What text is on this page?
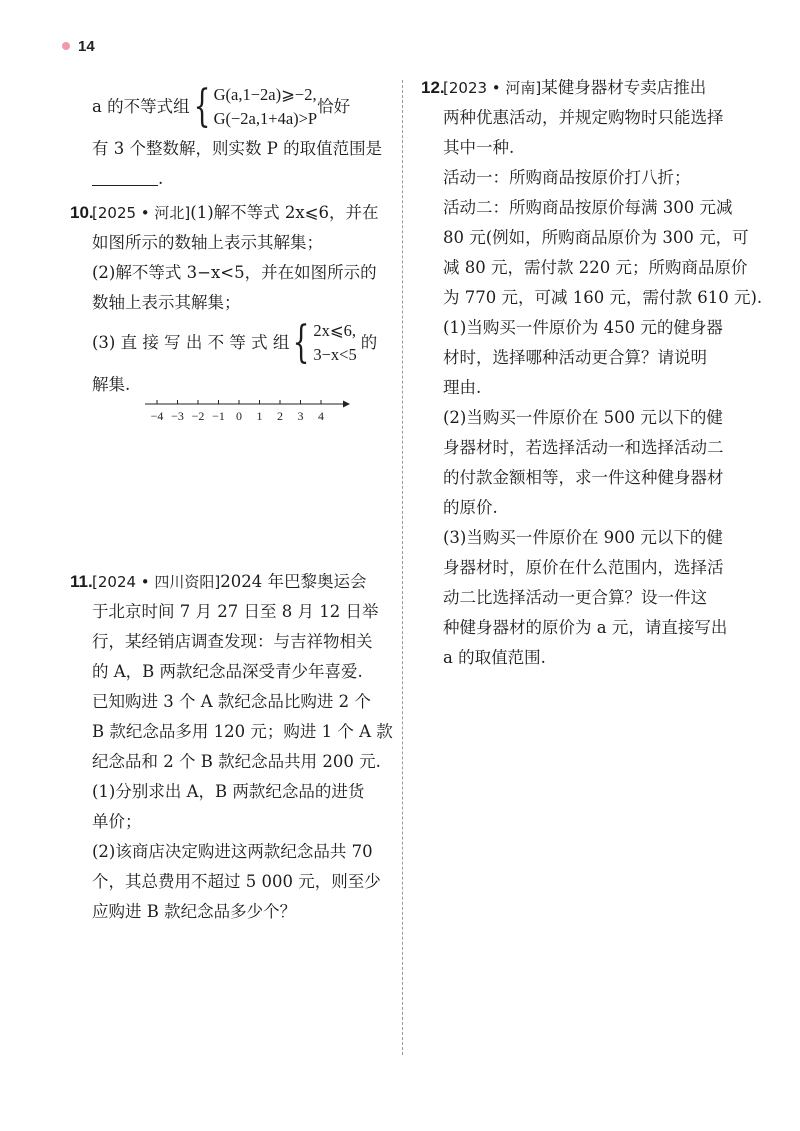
14
a 的不等式组 { G(a,1−2a)⩾−2,
G(−2a,1+4a)>P
恰好
有 3 个整数解，则实数 P 的取值范围是
.
10.
[2025 • 河北](1)解不等式 2x⩽6，并在
如图所示的数轴上表示其解集；
(2)解不等式 3−x<5，并在如图所示的
数轴上表示其解集；
(3) 直 接 写 出 不 等 式 组 { 2x⩽6,
3−x<5
的
解集.
−4 −3 −2 −1 0 1 2 3 4
11. [2024 • 四川资阳]2024 年巴黎奥运会
于北京时间 7 月 27 日至 8 月 12 日举
行，某经销店调查发现：与吉祥物相关
的 A，B 两款纪念品深受青少年喜爱.
已知购进 3 个 A 款纪念品比购进 2 个
B 款纪念品多用 120 元；购进 1 个 A 款
纪念品和 2 个 B 款纪念品共用 200 元.
(1)分别求出 A，B 两款纪念品的进货
单价；
(2)该商店决定购进这两款纪念品共 70
个，其总费用不超过 5 000 元，则至少
应购进 B 款纪念品多少个？
12.
[2023 • 河南]某健身器材专卖店推出
两种优惠活动，并规定购物时只能选择
其中一种.
活动一：所购商品按原价打八折；
活动二：所购商品按原价每满 300 元减
80 元(例如，所购商品原价为 300 元，可
减 80 元，需付款 220 元；所购商品原价
为 770 元，可减 160 元，需付款 610 元).
(1)当购买一件原价为 450 元的健身器
材时，选择哪种活动更合算？请说明
理由.
(2)当购买一件原价在 500 元以下的健
身器材时，若选择活动一和选择活动二
的付款金额相等，求一件这种健身器材
的原价.
(3)当购买一件原价在 900 元以下的健
身器材时，原价在什么范围内，选择活
动二比选择活动一更合算？设一件这
种健身器材的原价为 a 元，请直接写出
a 的取值范围.
